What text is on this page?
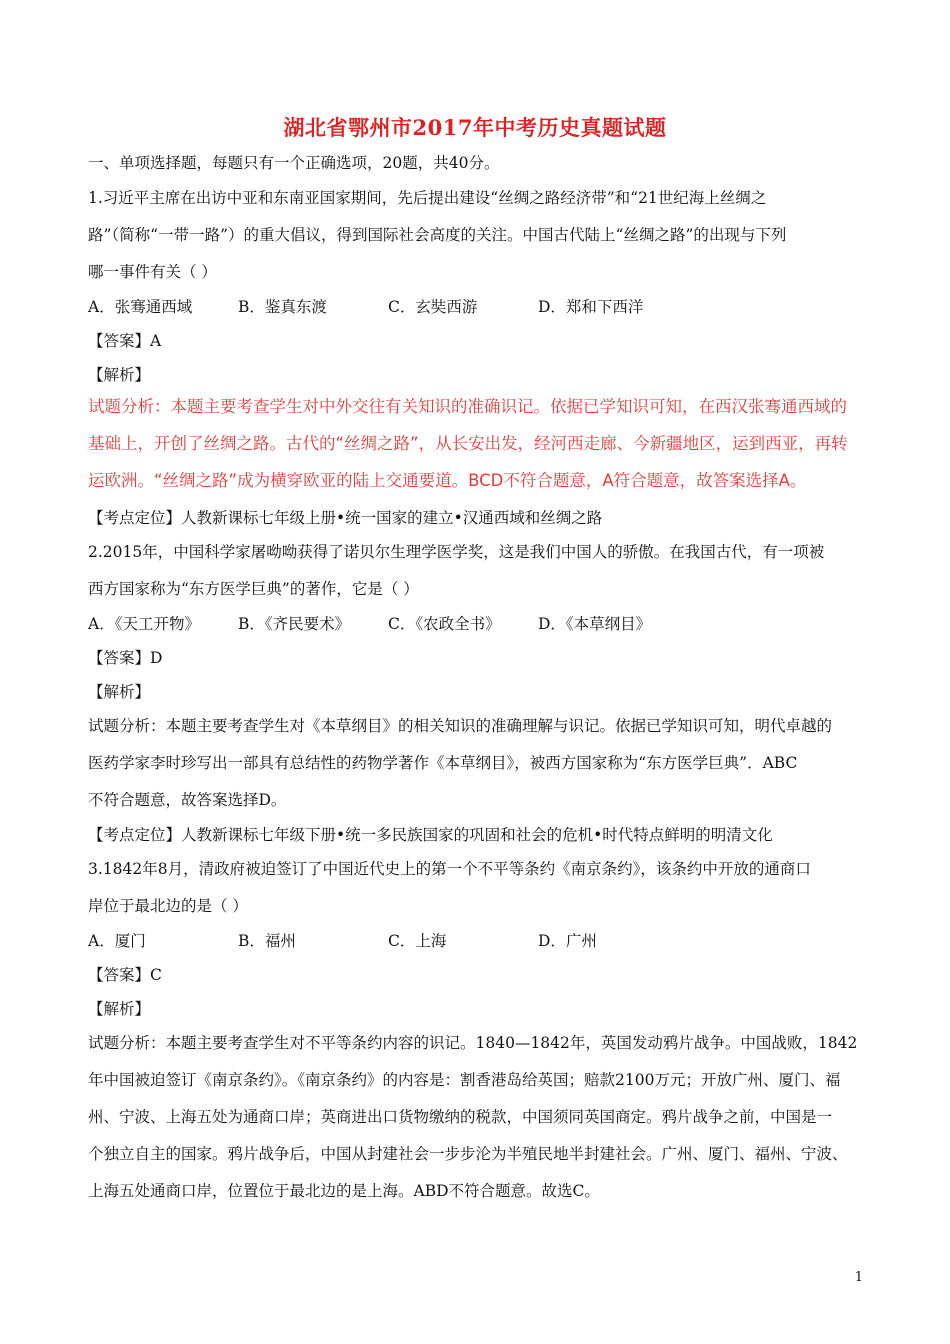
湖北省鄂州市2017年中考历史真题试题
一、单项选择题，每题只有一个正确选项，20题，共40分。
1.习近平主席在出访中亚和东南亚国家期间，先后提出建设“丝绸之路经济带”和“21世纪海上丝绸之
路”（简称“一带一路”）的重大倡议，得到国际社会高度的关注。中国古代陆上“丝绸之路”的出现与下列
哪一事件有关（ ）
A．张骞通西域	B．鉴真东渡	C．玄奘西游	D．郑和下西洋
【答案】A
【解析】
试题分析：本题主要考查学生对中外交往有关知识的准确识记。依据已学知识可知，在西汉张骞通西域的
基础上，开创了丝绸之路。古代的“丝绸之路”，从长安出发，经河西走廊、今新疆地区，运到西亚，再转
运欧洲。“丝绸之路”成为横穿欧亚的陆上交通要道。BCD不符合题意，A符合题意，故答案选择A。
【考点定位】人教新课标七年级上册•统一国家的建立•汉通西域和丝绸之路
2.2015年，中国科学家屠呦呦获得了诺贝尔生理学医学奖，这是我们中国人的骄傲。在我国古代，有一项被
西方国家称为“东方医学巨典”的著作，它是（ ）
A．《天工开物》 B．《齐民要术》 C．《农政全书》 D．《本草纲目》
【答案】D
【解析】
试题分析：本题主要考查学生对《本草纲目》的相关知识的准确理解与识记。依据已学知识可知，明代卓越的
医药学家李时珍写出一部具有总结性的药物学著作《本草纲目》，被西方国家称为“东方医学巨典”．ABC
不符合题意，故答案选择D。
【考点定位】人教新课标七年级下册•统一多民族国家的巩固和社会的危机•时代特点鲜明的明清文化
3.1842年8月，清政府被迫签订了中国近代史上的第一个不平等条约《南京条约》，该条约中开放的通商口
岸位于最北边的是（ ）
A．厦门	B．福州	C．上海	D．广州
【答案】C
【解析】
试题分析：本题主要考查学生对不平等条约内容的识记。1840—1842年，英国发动鸦片战争。中国战败，1842
年中国被迫签订《南京条约》。《南京条约》的内容是：割香港岛给英国；赔款2100万元；开放广州、厦门、福
州、宁波、上海五处为通商口岸；英商进出口货物缴纳的税款，中国须同英国商定。鸦片战争之前，中国是一
个独立自主的国家。鸦片战争后，中国从封建社会一步步沦为半殖民地半封建社会。广州、厦门、福州、宁波、
上海五处通商口岸，位置位于最北边的是上海。ABD不符合题意。故选C。
1
